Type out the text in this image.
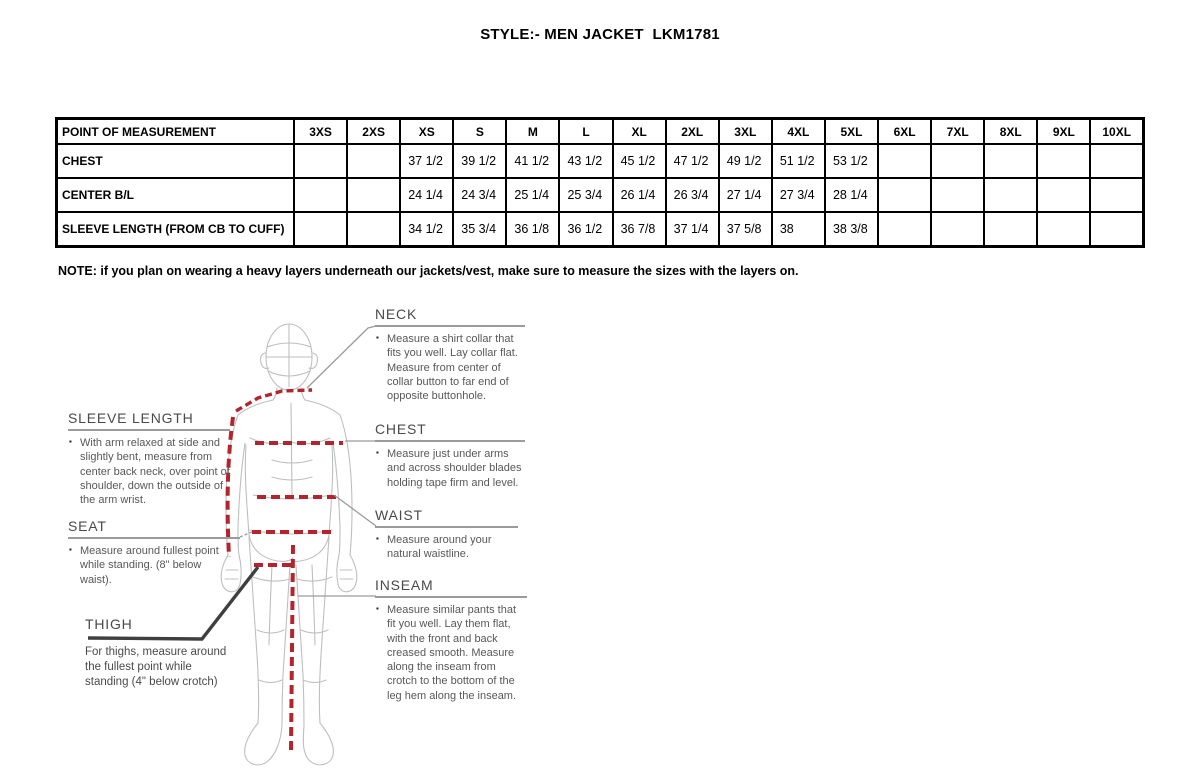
STYLE:- MEN JACKET  LKM1781
POINT OF MEASUREMENT	3XS	2XS	XS	S	M	L	XL	2XL	3XL	4XL	5XL	6XL	7XL	8XL	9XL	10XL
CHEST			37 1/2	39 1/2	41 1/2	43 1/2	45 1/2	47 1/2	49 1/2	51 1/2	53 1/2					
CENTER B/L			24 1/4	24 3/4	25 1/4	25 3/4	26 1/4	26 3/4	27 1/4	27 3/4	28 1/4					
SLEEVE LENGTH (FROM CB TO CUFF)			34 1/2	35 3/4	36 1/8	36 1/2	36 7/8	37 1/4	37 5/8	38	38 3/8					
NOTE: if you plan on wearing a heavy layers underneath our jackets/vest, make sure to measure the sizes with the layers on.
NECK
▪ Measure a shirt collar that fits you well. Lay collar flat. Measure from center of collar button to far end of opposite buttonhole.
CHEST
▪ Measure just under arms and across shoulder blades holding tape firm and level.
WAIST
▪ Measure around your natural waistline.
INSEAM
▪ Measure similar pants that fit you well. Lay them flat, with the front and back creased smooth. Measure along the inseam from crotch to the bottom of the leg hem along the inseam.
SLEEVE LENGTH
▪ With arm relaxed at side and slightly bent, measure from center back neck, over point of shoulder, down the outside of the arm wrist.
SEAT
▪ Measure around fullest point while standing. (8" below waist).
THIGH
For thighs, measure around the fullest point while standing (4" below crotch)
